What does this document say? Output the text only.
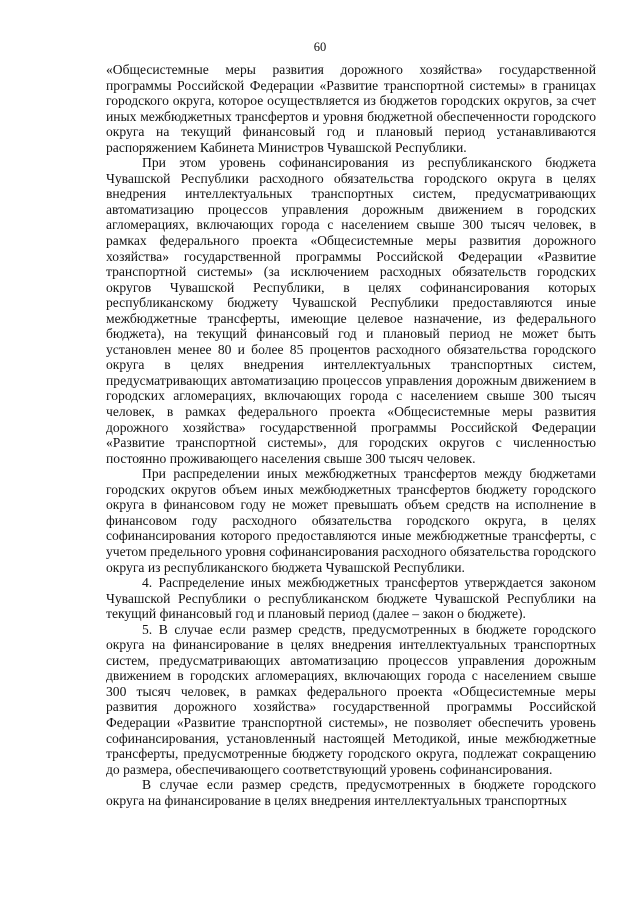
60

«Общесистемные меры развития дорожного хозяйства» государственной программы Российской Федерации «Развитие транспортной системы» в границах городского округа, которое осуществляется из бюджетов городских округов, за счет иных межбюджетных трансфертов и уровня бюджетной обеспеченности городского округа на текущий финансовый год и плановый период устанавливаются распоряжением Кабинета Министров Чувашской Республики.

При этом уровень софинансирования из республиканского бюджета Чувашской Республики расходного обязательства городского округа в целях внедрения интеллектуальных транспортных систем, предусматривающих автоматизацию процессов управления дорожным движением в городских агломерациях, включающих города с населением свыше 300 тысяч человек, в рамках федерального проекта «Общесистемные меры развития дорожного хозяйства» государственной программы Российской Федерации «Развитие транспортной системы» (за исключением расходных обязательств городских округов Чувашской Республики, в целях софинансирования которых республиканскому бюджету Чувашской Республики предоставляются иные межбюджетные трансферты, имеющие целевое назначение, из федерального бюджета), на текущий финансовый год и плановый период не может быть установлен менее 80 и более 85 процентов расходного обязательства городского округа в целях внедрения интеллектуальных транспортных систем, предусматривающих автоматизацию процессов управления дорожным движением в городских агломерациях, включающих города с населением свыше 300 тысяч человек, в рамках федерального проекта «Общесистемные меры развития дорожного хозяйства» государственной программы Российской Федерации «Развитие транспортной системы», для городских округов с численностью постоянно проживающего населения свыше 300 тысяч человек.

При распределении иных межбюджетных трансфертов между бюджетами городских округов объем иных межбюджетных трансфертов бюджету городского округа в финансовом году не может превышать объем средств на исполнение в финансовом году расходного обязательства городского округа, в целях софинансирования которого предоставляются иные межбюджетные трансферты, с учетом предельного уровня софинансирования расходного обязательства городского округа из республиканского бюджета Чувашской Республики.

4. Распределение иных межбюджетных трансфертов утверждается законом Чувашской Республики о республиканском бюджете Чувашской Республики на текущий финансовый год и плановый период (далее – закон о бюджете).

5. В случае если размер средств, предусмотренных в бюджете городского округа на финансирование в целях внедрения интеллектуальных транспортных систем, предусматривающих автоматизацию процессов управления дорожным движением в городских агломерациях, включающих города с населением свыше 300 тысяч человек, в рамках федерального проекта «Общесистемные меры развития дорожного хозяйства» государственной программы Российской Федерации «Развитие транспортной системы», не позволяет обеспечить уровень софинансирования, установленный настоящей Методикой, иные межбюджетные трансферты, предусмотренные бюджету городского округа, подлежат сокращению до размера, обеспечивающего соответствующий уровень софинансирования.

В случае если размер средств, предусмотренных в бюджете городского округа на финансирование в целях внедрения интеллектуальных транспортных
